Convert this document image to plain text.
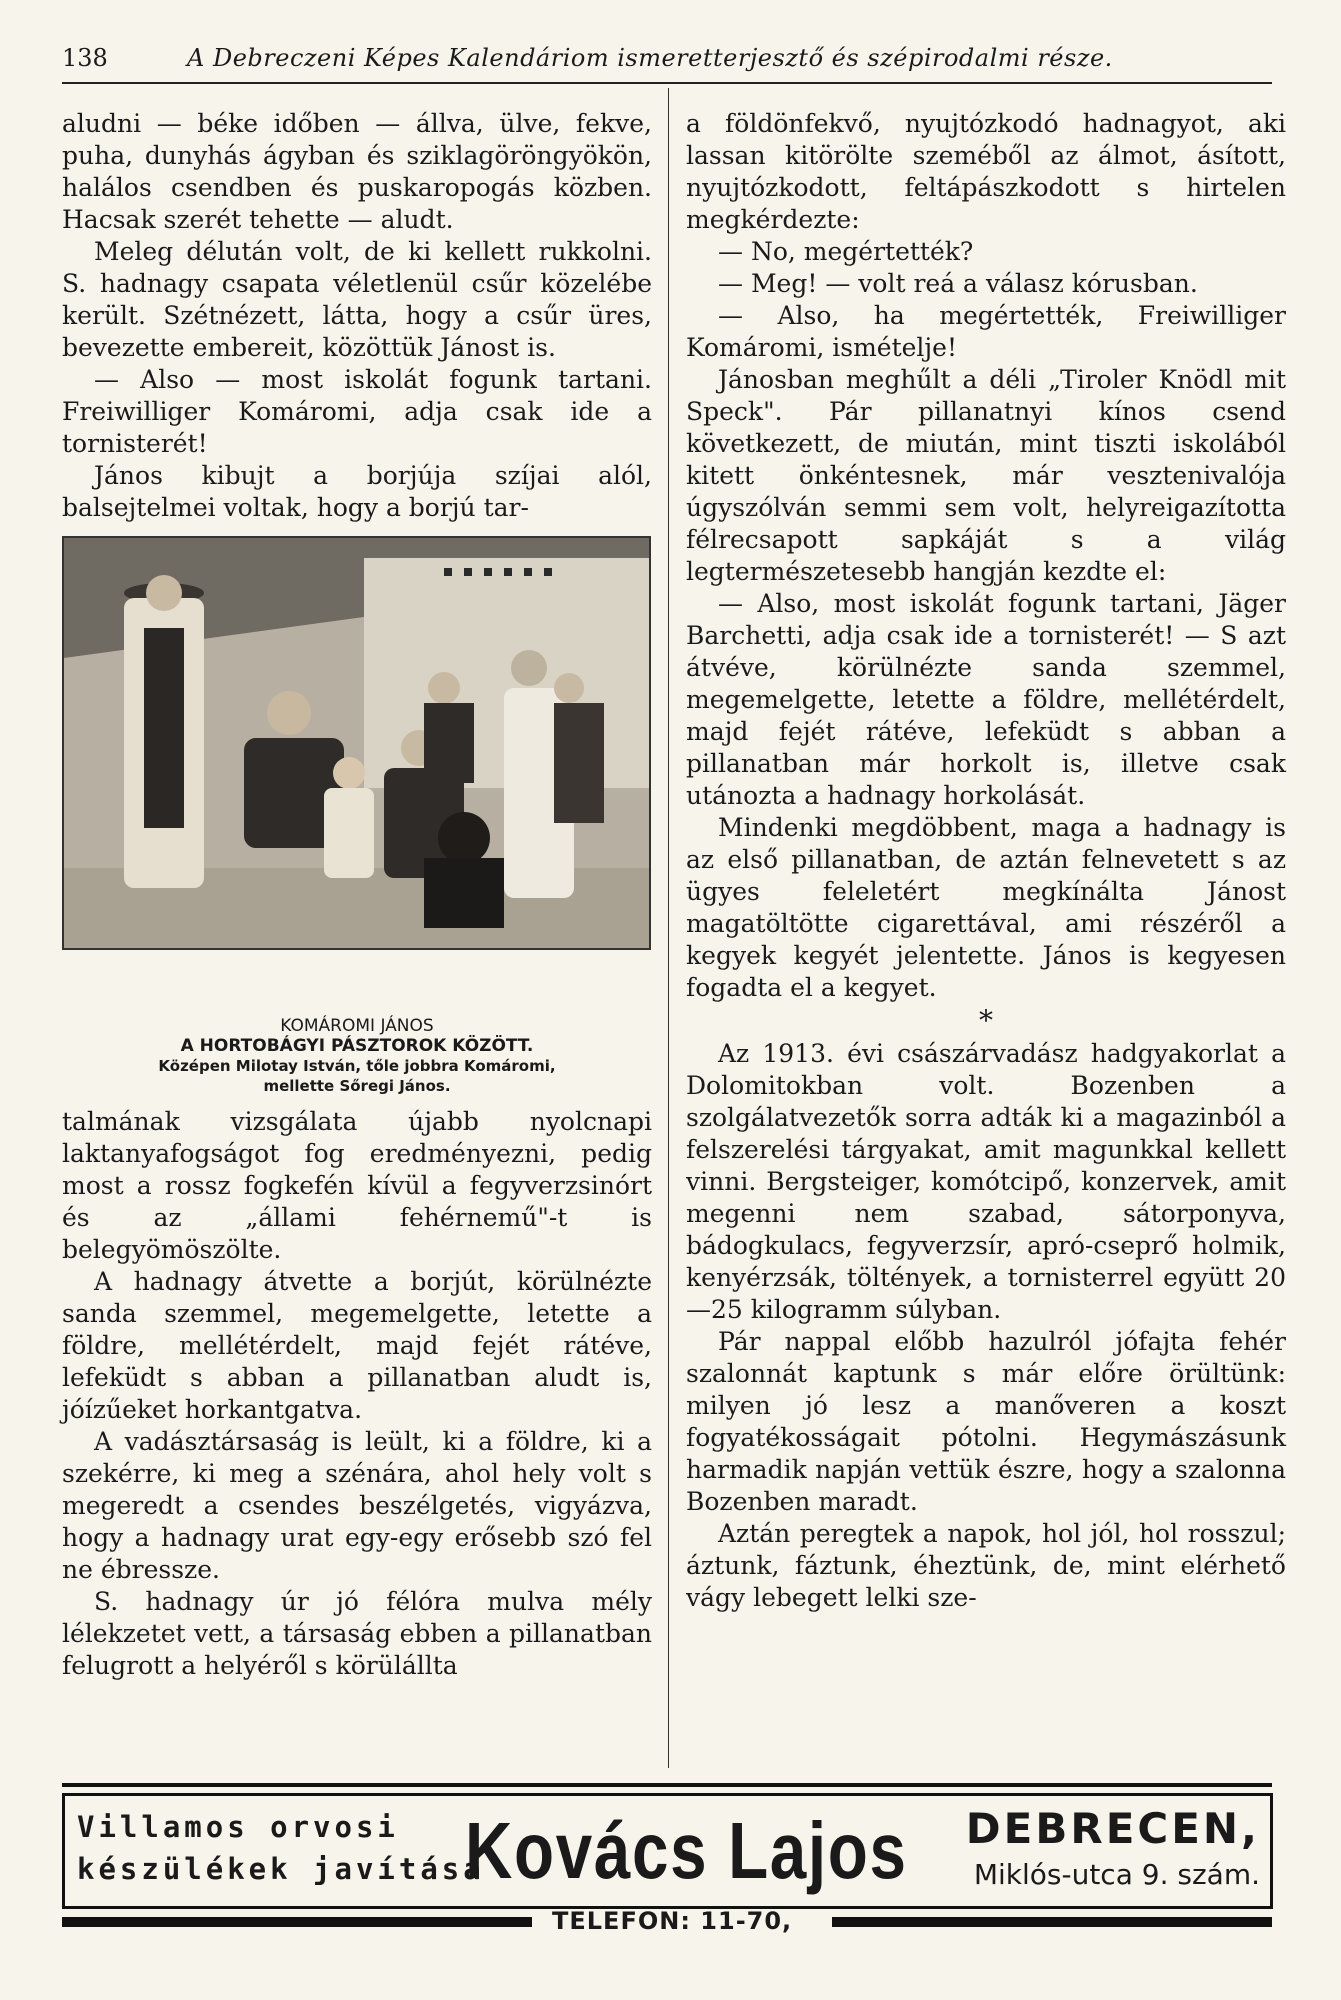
138	A Debreczeni Képes Kalendáriom ismeretterjesztő és szépirodalmi része.

aludni — béke időben — állva, ülve, fekve, puha, dunyhás ágyban és sziklagöröngyökön, halálos csendben és puskaropogás közben. Hacsak szerét tehette — aludt.

Meleg délután volt, de ki kellett rukkolni. S. hadnagy csapata véletlenül csűr közelébe került. Szétnézett, látta, hogy a csűr üres, bevezette embereit, közöttük Jánost is.

— Also — most iskolát fogunk tartani. Freiwilliger Komáromi, adja csak ide a tornisterét!

János kibujt a borjúja szíjai alól, balsejtelmei voltak, hogy a borjú tar-

KOMÁROMI JÁNOS
A HORTOBÁGYI PÁSZTOROK KÖZÖTT.
Középen Milotay István, tőle jobbra Komáromi,
mellette Sőregi János.

talmának vizsgálata újabb nyolcnapi laktanyafogságot fog eredményezni, pedig most a rossz fogkefén kívül a fegyverzsinórt és az „állami fehérnemű"-t is belegyömöszölte.

A hadnagy átvette a borjút, körülnézte sanda szemmel, megemelgette, letette a földre, mellétérdelt, majd fejét rátéve, lefeküdt s abban a pillanatban aludt is, jóízűeket horkantgatva.

A vadásztársaság is leült, ki a földre, ki a szekérre, ki meg a szénára, ahol hely volt s megeredt a csendes beszélgetés, vigyázva, hogy a hadnagy urat egy-egy erősebb szó fel ne ébressze.

S. hadnagy úr jó félóra mulva mély lélekzetet vett, a társaság ebben a pillanatban felugrott a helyéről s körülállta

a földönfekvő, nyujtózkodó hadnagyot, aki lassan kitörölte szeméből az álmot, ásított, nyujtózkodott, feltápászkodott s hirtelen megkérdezte:

— No, megértették?

— Meg! — volt reá a válasz kórusban.

— Also, ha megértették, Freiwilliger Komáromi, ismételje!

Jánosban meghűlt a déli „Tiroler Knödl mit Speck". Pár pillanatnyi kínos csend következett, de miután, mint tiszti iskolából kitett önkéntesnek, már vesztenivalója úgyszólván semmi sem volt, helyreigazította félrecsapott sapkáját s a világ legtermészetesebb hangján kezdte el:

— Also, most iskolát fogunk tartani, Jäger Barchetti, adja csak ide a tornisterét! — S azt átvéve, körülnézte sanda szemmel, megemelgette, letette a földre, mellétérdelt, majd fejét rátéve, lefeküdt s abban a pillanatban már horkolt is, illetve csak utánozta a hadnagy horkolását.

Mindenki megdöbbent, maga a hadnagy is az első pillanatban, de aztán felnevetett s az ügyes feleletért megkínálta Jánost magatöltötte cigarettával, ami részéről a kegyek kegyét jelentette. János is kegyesen fogadta el a kegyet.

*

Az 1913. évi császárvadász hadgyakorlat a Dolomitokban volt. Bozenben a szolgálatvezetők sorra adták ki a magazinból a felszerelési tárgyakat, amit magunkkal kellett vinni. Bergsteiger, komótcipő, konzervek, amit megenni nem szabad, sátorponyva, bádogkulacs, fegyverzsír, apró-cseprő holmik, kenyérzsák, töltények, a tornisterrel együtt 20—25 kilogramm súlyban.

Pár nappal előbb hazulról jófajta fehér szalonnát kaptunk s már előre örültünk: milyen jó lesz a manőveren a koszt fogyatékosságait pótolni. Hegymászásunk harmadik napján vettük észre, hogy a szalonna Bozenben maradt.

Aztán peregtek a napok, hol jól, hol rosszul; áztunk, fáztunk, éheztünk, de, mint elérhető vágy lebegett lelki sze-

Villamos orvosi
készülékek javítása
Kovács Lajos DEBRECEN,
Miklós-utca 9. szám.
TELEFON: 11-70,
